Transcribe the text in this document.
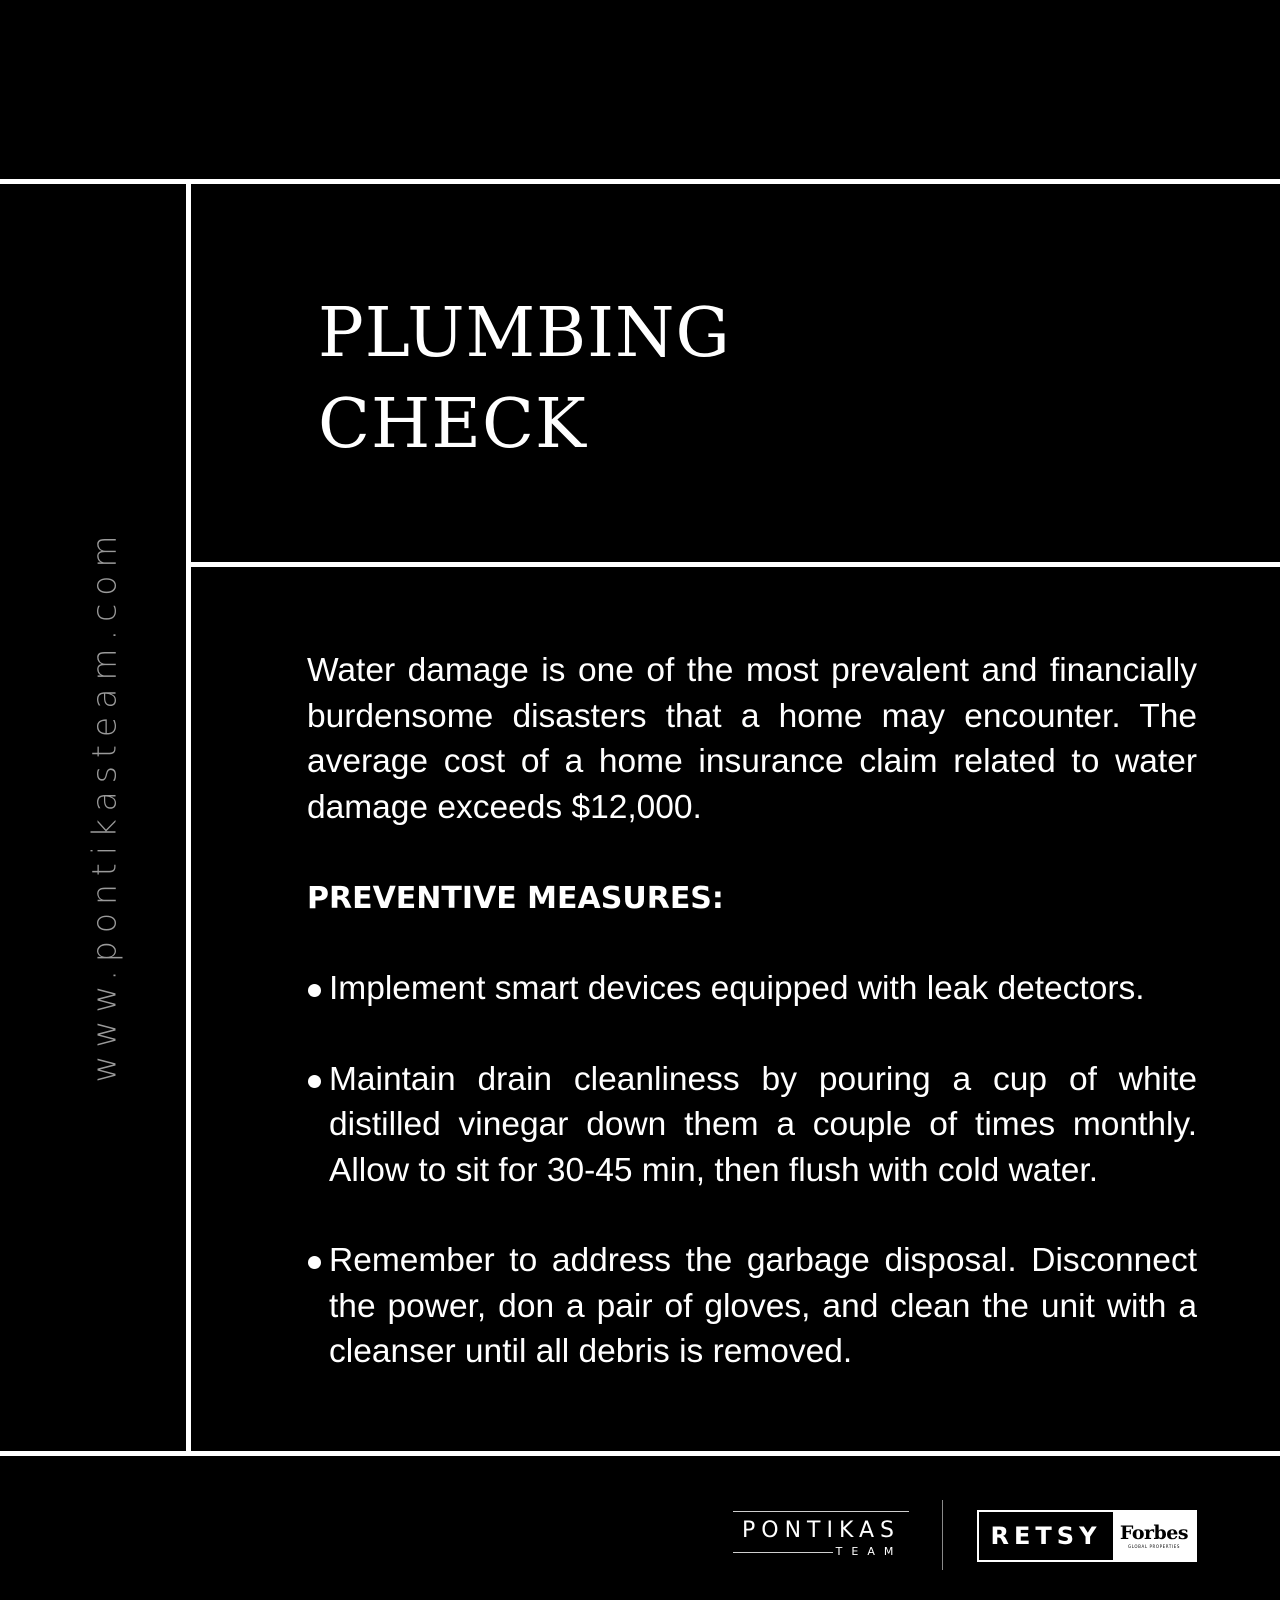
www.pontikasteam.com
PLUMBING
CHECK

Water damage is one of the most prevalent and financially burdensome disasters that a home may encounter. The average cost of a home insurance claim related to water damage exceeds $12,000.

PREVENTIVE MEASURES:
Implement smart devices equipped with leak detectors.
Maintain drain cleanliness by pouring a cup of white distilled vinegar down them a couple of times monthly. Allow to sit for 30-45 min, then flush with cold water.
Remember to address the garbage disposal. Disconnect the power, don a pair of gloves, and clean the unit with a cleanser until all debris is removed.
PONTIKAS
TEAM
RETSY Forbes
GLOBAL PROPERTIES
